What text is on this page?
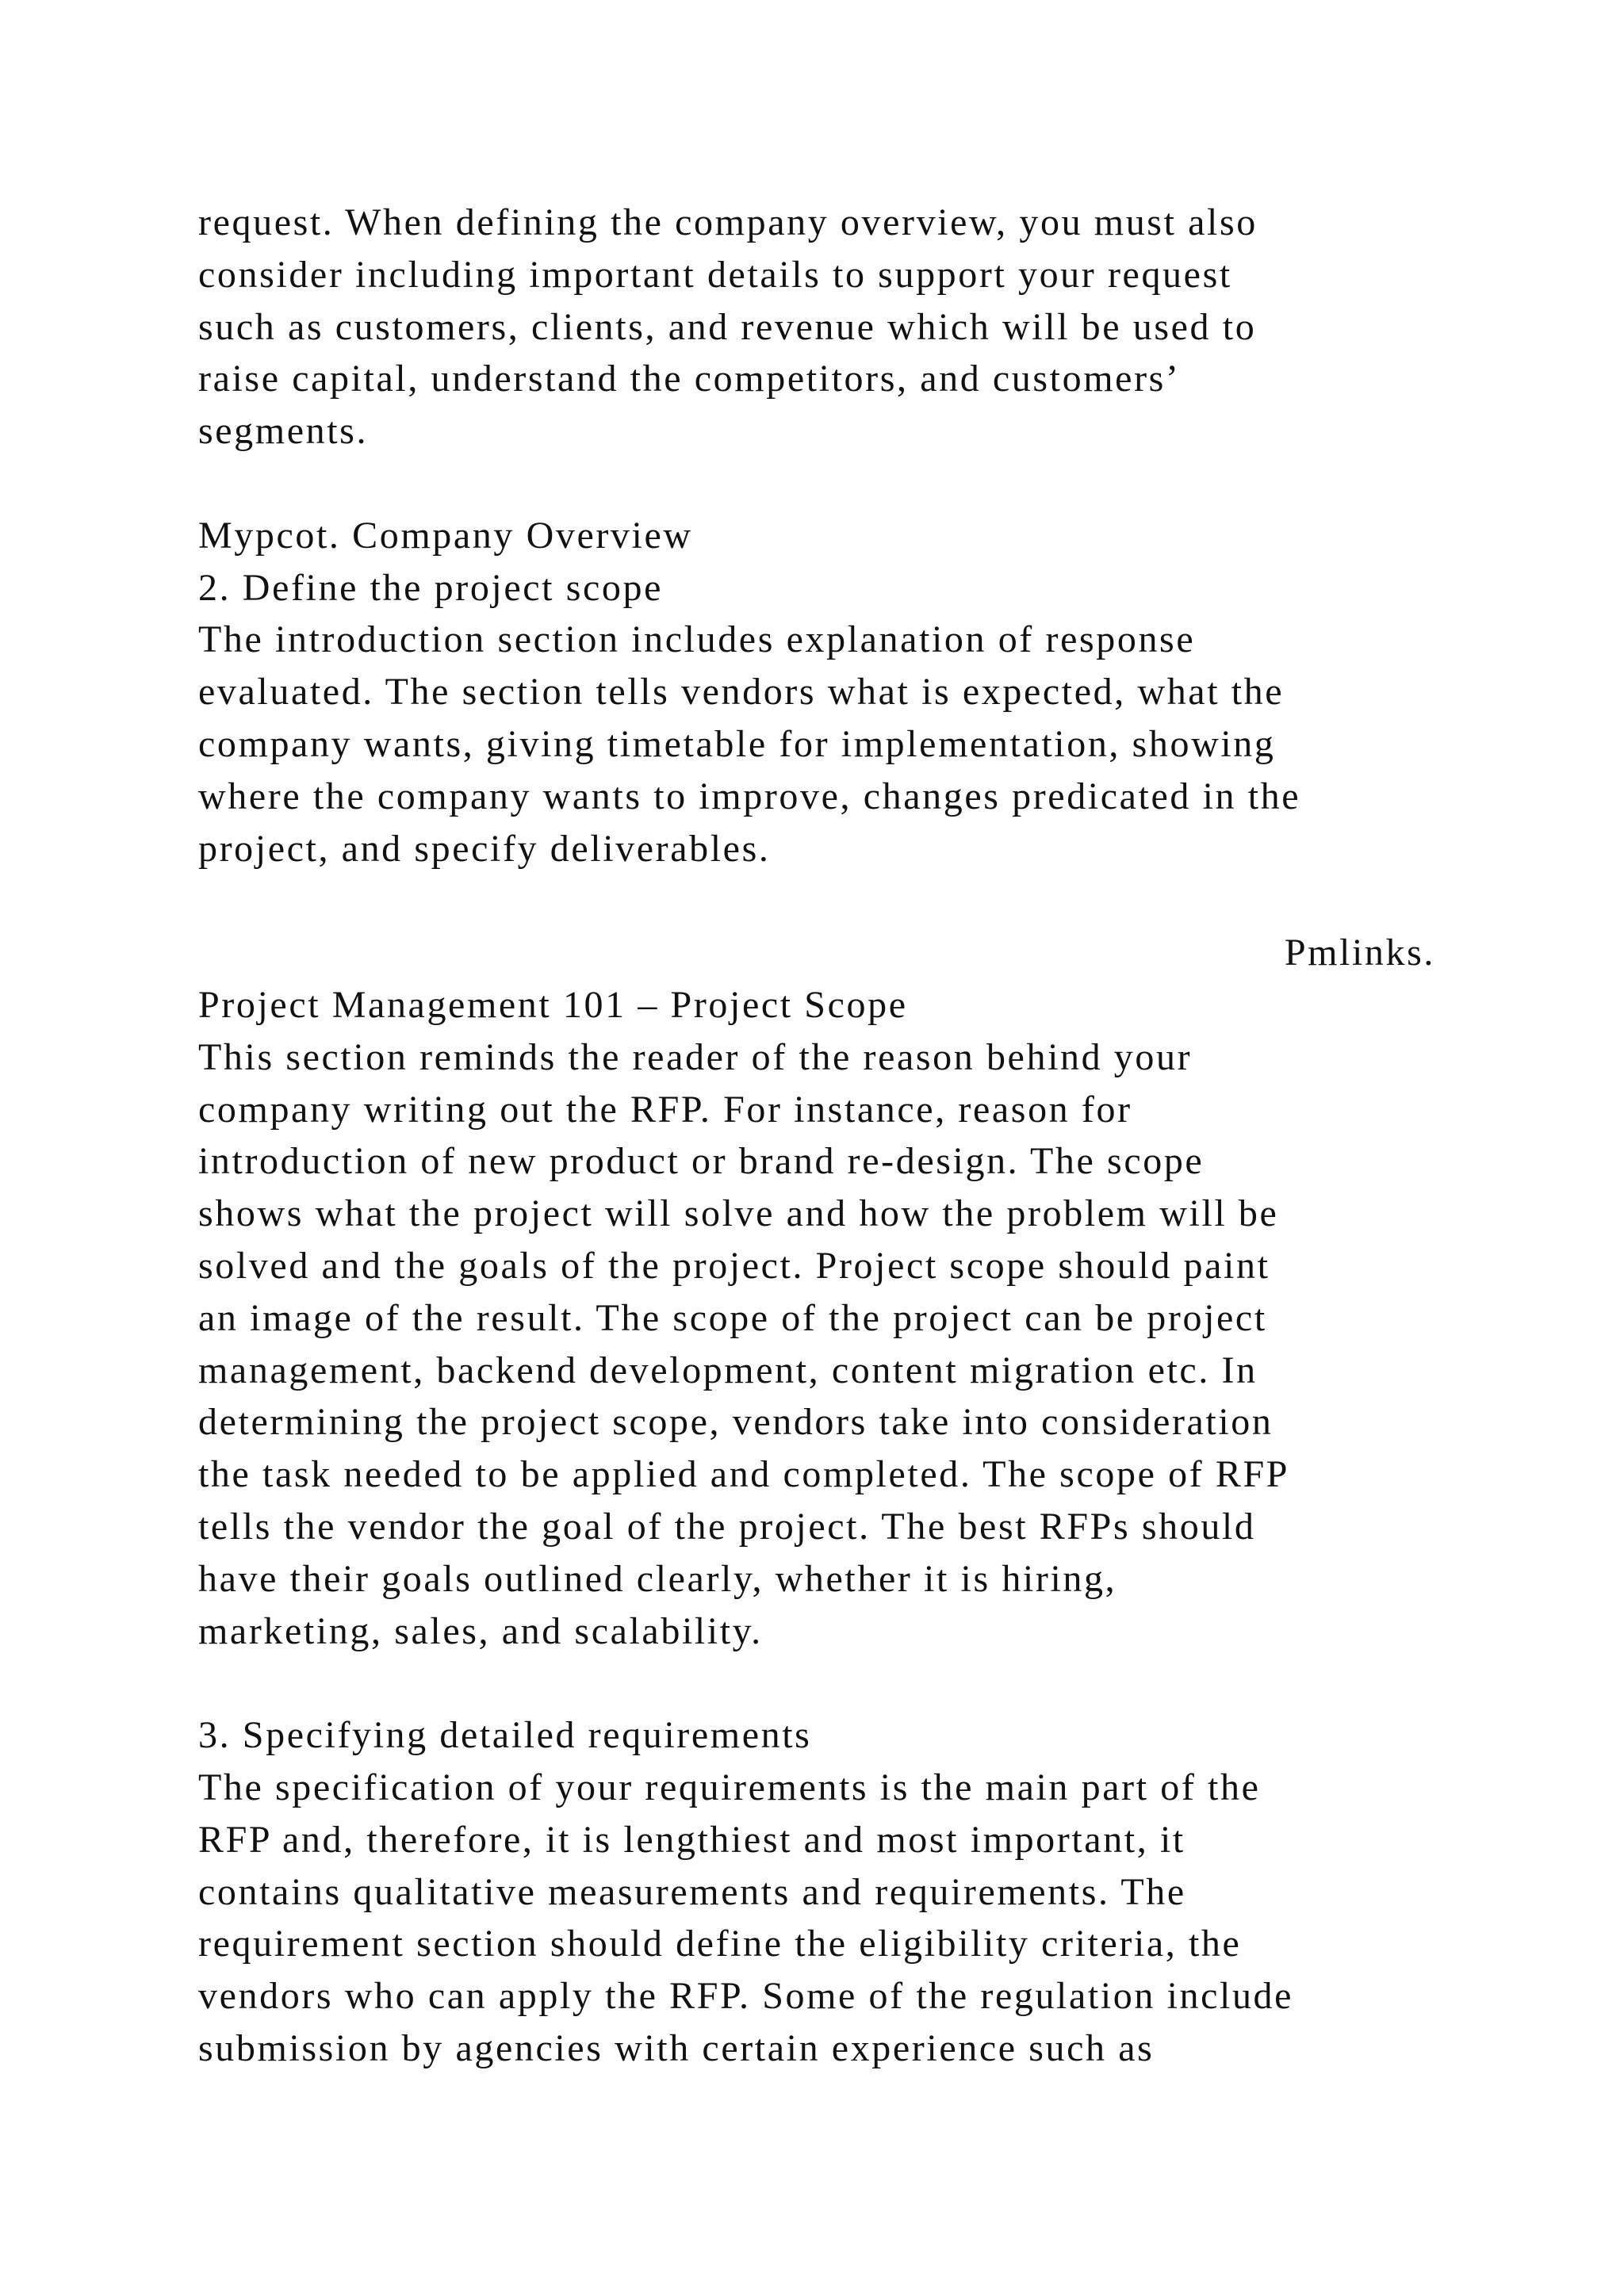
request. When defining the company overview, you must also
consider including important details to support your request
such as customers, clients, and revenue which will be used to
raise capital, understand the competitors, and customers’
segments.
Mypcot. Company Overview
2. Define the project scope
The introduction section includes explanation of response
evaluated. The section tells vendors what is expected, what the
company wants, giving timetable for implementation, showing
where the company wants to improve, changes predicated in the
project, and specify deliverables.
Pmlinks.
Project Management 101 – Project Scope
This section reminds the reader of the reason behind your
company writing out the RFP. For instance, reason for
introduction of new product or brand re-design. The scope
shows what the project will solve and how the problem will be
solved and the goals of the project. Project scope should paint
an image of the result. The scope of the project can be project
management, backend development, content migration etc. In
determining the project scope, vendors take into consideration
the task needed to be applied and completed. The scope of RFP
tells the vendor the goal of the project. The best RFPs should
have their goals outlined clearly, whether it is hiring,
marketing, sales, and scalability.
3. Specifying detailed requirements
The specification of your requirements is the main part of the
RFP and, therefore, it is lengthiest and most important, it
contains qualitative measurements and requirements. The
requirement section should define the eligibility criteria, the
vendors who can apply the RFP. Some of the regulation include
submission by agencies with certain experience such as
